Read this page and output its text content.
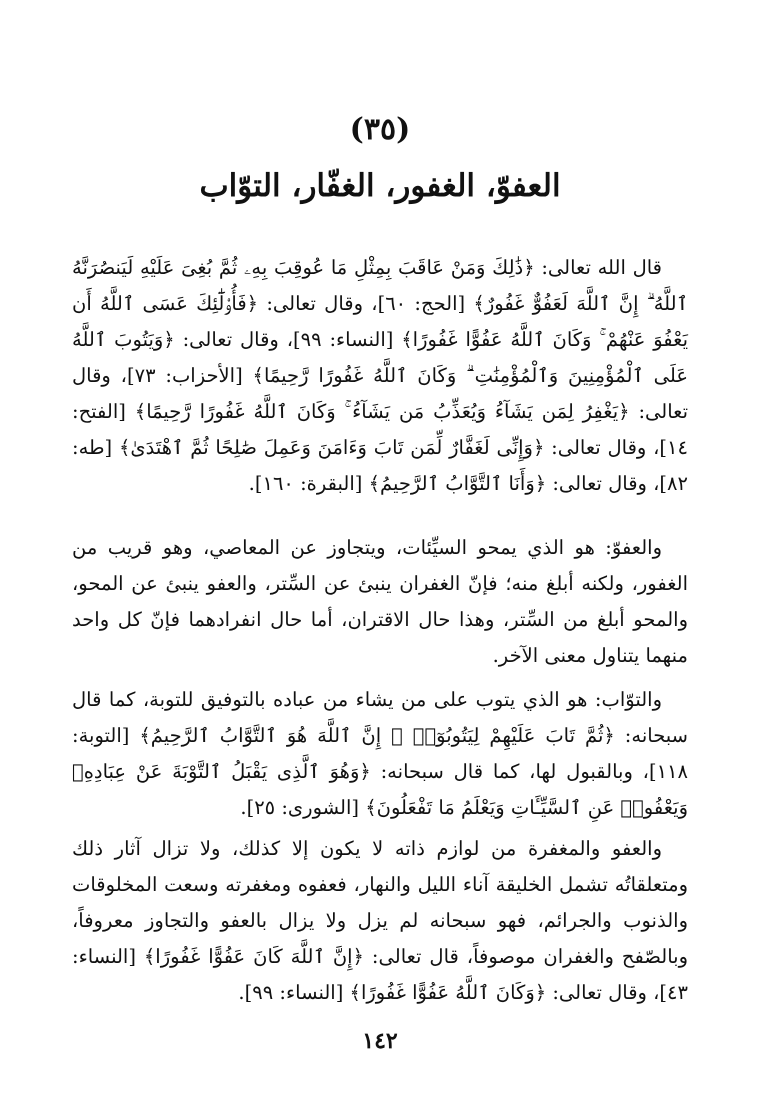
(٣٥)
العفوّ، الغفور، الغفّار، التوّاب

قال الله تعالى: ﴿ذَٰلِكَ وَمَنْ عَاقَبَ بِمِثْلِ مَا عُوقِبَ بِهِۦ ثُمَّ بُغِىَ عَلَيْهِ لَيَنصُرَنَّهُ ٱللَّهُ ۗ إِنَّ ٱللَّهَ لَعَفُوٌّ غَفُورٌ﴾ [الحج: ٦٠]، وقال تعالى: ﴿فَأُو۟لَٰٓئِكَ عَسَى ٱللَّهُ أَن يَعْفُوَ عَنْهُمْ ۚ وَكَانَ ٱللَّهُ عَفُوًّا غَفُورًا﴾ [النساء: ٩٩]، وقال تعالى: ﴿وَيَتُوبَ ٱللَّهُ عَلَى ٱلْمُؤْمِنِينَ وَٱلْمُؤْمِنَٰتِ ۗ وَكَانَ ٱللَّهُ غَفُورًا رَّحِيمًا﴾ [الأحزاب: ٧٣]، وقال تعالى: ﴿يَغْفِرُ لِمَن يَشَآءُ وَيُعَذِّبُ مَن يَشَآءُ ۚ وَكَانَ ٱللَّهُ غَفُورًا رَّحِيمًا﴾ [الفتح: ١٤]، وقال تعالى: ﴿وَإِنِّى لَغَفَّارٌ لِّمَن تَابَ وَءَامَنَ وَعَمِلَ صَٰلِحًا ثُمَّ ٱهْتَدَىٰ﴾ [طه: ٨٢]، وقال تعالى: ﴿وَأَنَا ٱلتَّوَّابُ ٱلرَّحِيمُ﴾ [البقرة: ١٦٠].

والعفوّ: هو الذي يمحو السيِّئات، ويتجاوز عن المعاصي، وهو قريب من الغفور، ولكنه أبلغ منه؛ فإنّ الغفران ينبئ عن السِّتر، والعفو ينبئ عن المحو، والمحو أبلغ من السِّتر، وهذا حال الاقتران، أما حال انفرادهما فإنّ كل واحد منهما يتناول معنى الآخر.

والتوّاب: هو الذي يتوب على من يشاء من عباده بالتوفيق للتوبة، كما قال سبحانه: ﴿ثُمَّ تَابَ عَلَيْهِمْ لِيَتُوبُوٓا۟ ۚ إِنَّ ٱللَّهَ هُوَ ٱلتَّوَّابُ ٱلرَّحِيمُ﴾ [التوبة: ١١٨]، وبالقبول لها، كما قال سبحانه: ﴿وَهُوَ ٱلَّذِى يَقْبَلُ ٱلتَّوْبَةَ عَنْ عِبَادِهِۦ وَيَعْفُوا۟ عَنِ ٱلسَّيِّـَٔاتِ وَيَعْلَمُ مَا تَفْعَلُونَ﴾ [الشورى: ٢٥].

والعفو والمغفرة من لوازم ذاته لا يكون إلا كذلك، ولا تزال آثار ذلك ومتعلقاتُه تشمل الخليقة آناء الليل والنهار، فعفوه ومغفرته وسعت المخلوقات والذنوب والجرائم، فهو سبحانه لم يزل ولا يزال بالعفو والتجاوز معروفاً، وبالصّفح والغفران موصوفاً، قال تعالى: ﴿إِنَّ ٱللَّهَ كَانَ عَفُوًّا غَفُورًا﴾ [النساء: ٤٣]، وقال تعالى: ﴿وَكَانَ ٱللَّهُ عَفُوًّا غَفُورًا﴾ [النساء: ٩٩].

١٤٢
